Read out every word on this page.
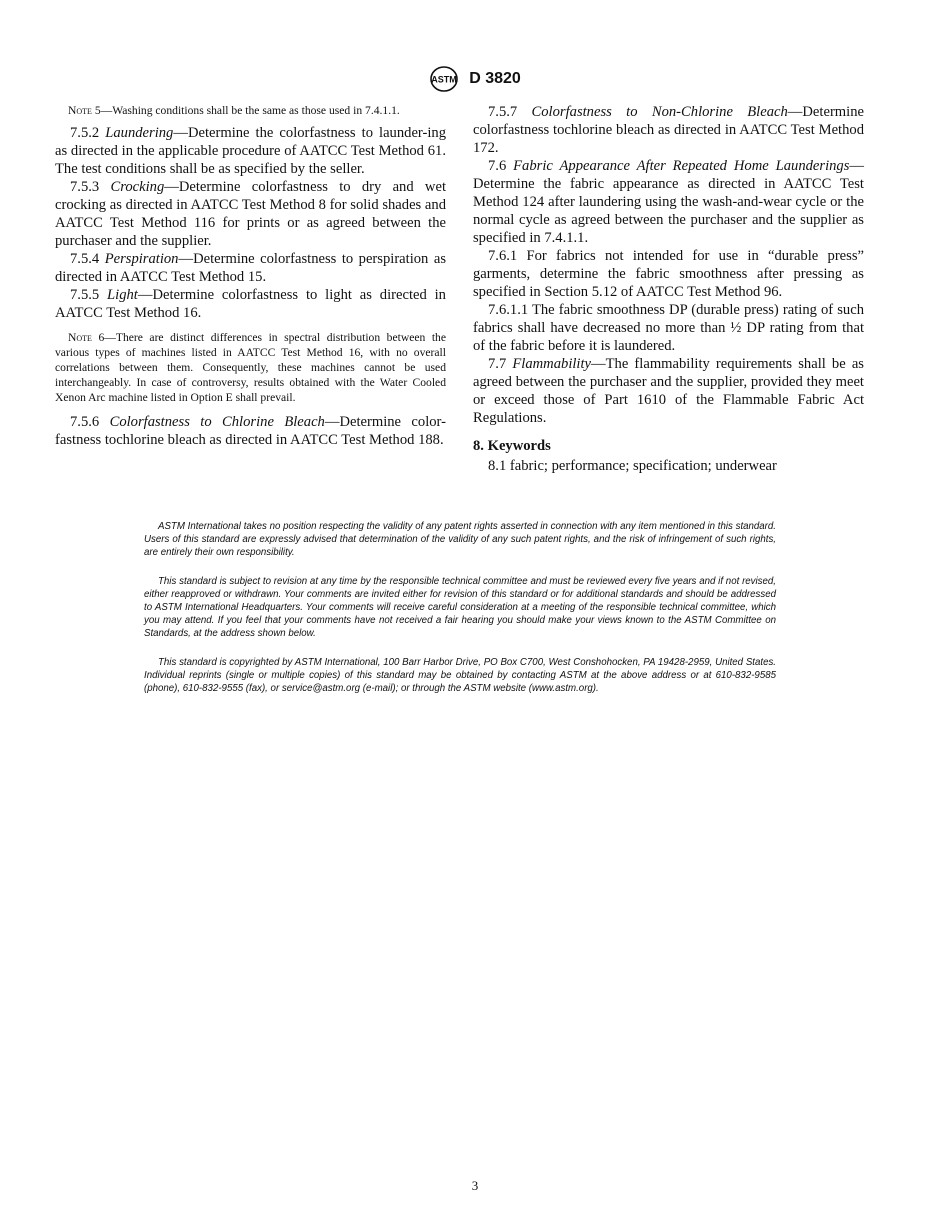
ASTM D 3820
Note 5—Washing conditions shall be the same as those used in 7.4.1.1.

7.5.2 Laundering—Determine the colorfastness to launder-ing as directed in the applicable procedure of AATCC Test Method 61. The test conditions shall be as specified by the seller.

7.5.3 Crocking—Determine colorfastness to dry and wet crocking as directed in AATCC Test Method 8 for solid shades and AATCC Test Method 116 for prints or as agreed between the purchaser and the supplier.

7.5.4 Perspiration—Determine colorfastness to perspiration as directed in AATCC Test Method 15.

7.5.5 Light—Determine colorfastness to light as directed in AATCC Test Method 16.

Note 6—There are distinct differences in spectral distribution between the various types of machines listed in AATCC Test Method 16, with no overall correlations between them. Consequently, these machines cannot be used interchangeably. In case of controversy, results obtained with the Water Cooled Xenon Arc machine listed in Option E shall prevail.

7.5.6 Colorfastness to Chlorine Bleach—Determine color-fastness tochlorine bleach as directed in AATCC Test Method 188.

7.5.7 Colorfastness to Non-Chlorine Bleach—Determine colorfastness tochlorine bleach as directed in AATCC Test Method 172.

7.6 Fabric Appearance After Repeated Home Launderings—Determine the fabric appearance as directed in AATCC Test Method 124 after laundering using the wash-and-wear cycle or the normal cycle as agreed between the purchaser and the supplier as specified in 7.4.1.1.

7.6.1 For fabrics not intended for use in “durable press” garments, determine the fabric smoothness after pressing as specified in Section 5.12 of AATCC Test Method 96.

7.6.1.1 The fabric smoothness DP (durable press) rating of such fabrics shall have decreased no more than ½ DP rating from that of the fabric before it is laundered.

7.7 Flammability—The flammability requirements shall be as agreed between the purchaser and the supplier, provided they meet or exceed those of Part 1610 of the Flammable Fabric Act Regulations.

8. Keywords

8.1 fabric; performance; specification; underwear

ASTM International takes no position respecting the validity of any patent rights asserted in connection with any item mentioned in this standard. Users of this standard are expressly advised that determination of the validity of any such patent rights, and the risk of infringement of such rights, are entirely their own responsibility.

This standard is subject to revision at any time by the responsible technical committee and must be reviewed every five years and if not revised, either reapproved or withdrawn. Your comments are invited either for revision of this standard or for additional standards and should be addressed to ASTM International Headquarters. Your comments will receive careful consideration at a meeting of the responsible technical committee, which you may attend. If you feel that your comments have not received a fair hearing you should make your views known to the ASTM Committee on Standards, at the address shown below.

This standard is copyrighted by ASTM International, 100 Barr Harbor Drive, PO Box C700, West Conshohocken, PA 19428-2959, United States. Individual reprints (single or multiple copies) of this standard may be obtained by contacting ASTM at the above address or at 610-832-9585 (phone), 610-832-9555 (fax), or service@astm.org (e-mail); or through the ASTM website (www.astm.org).

3
